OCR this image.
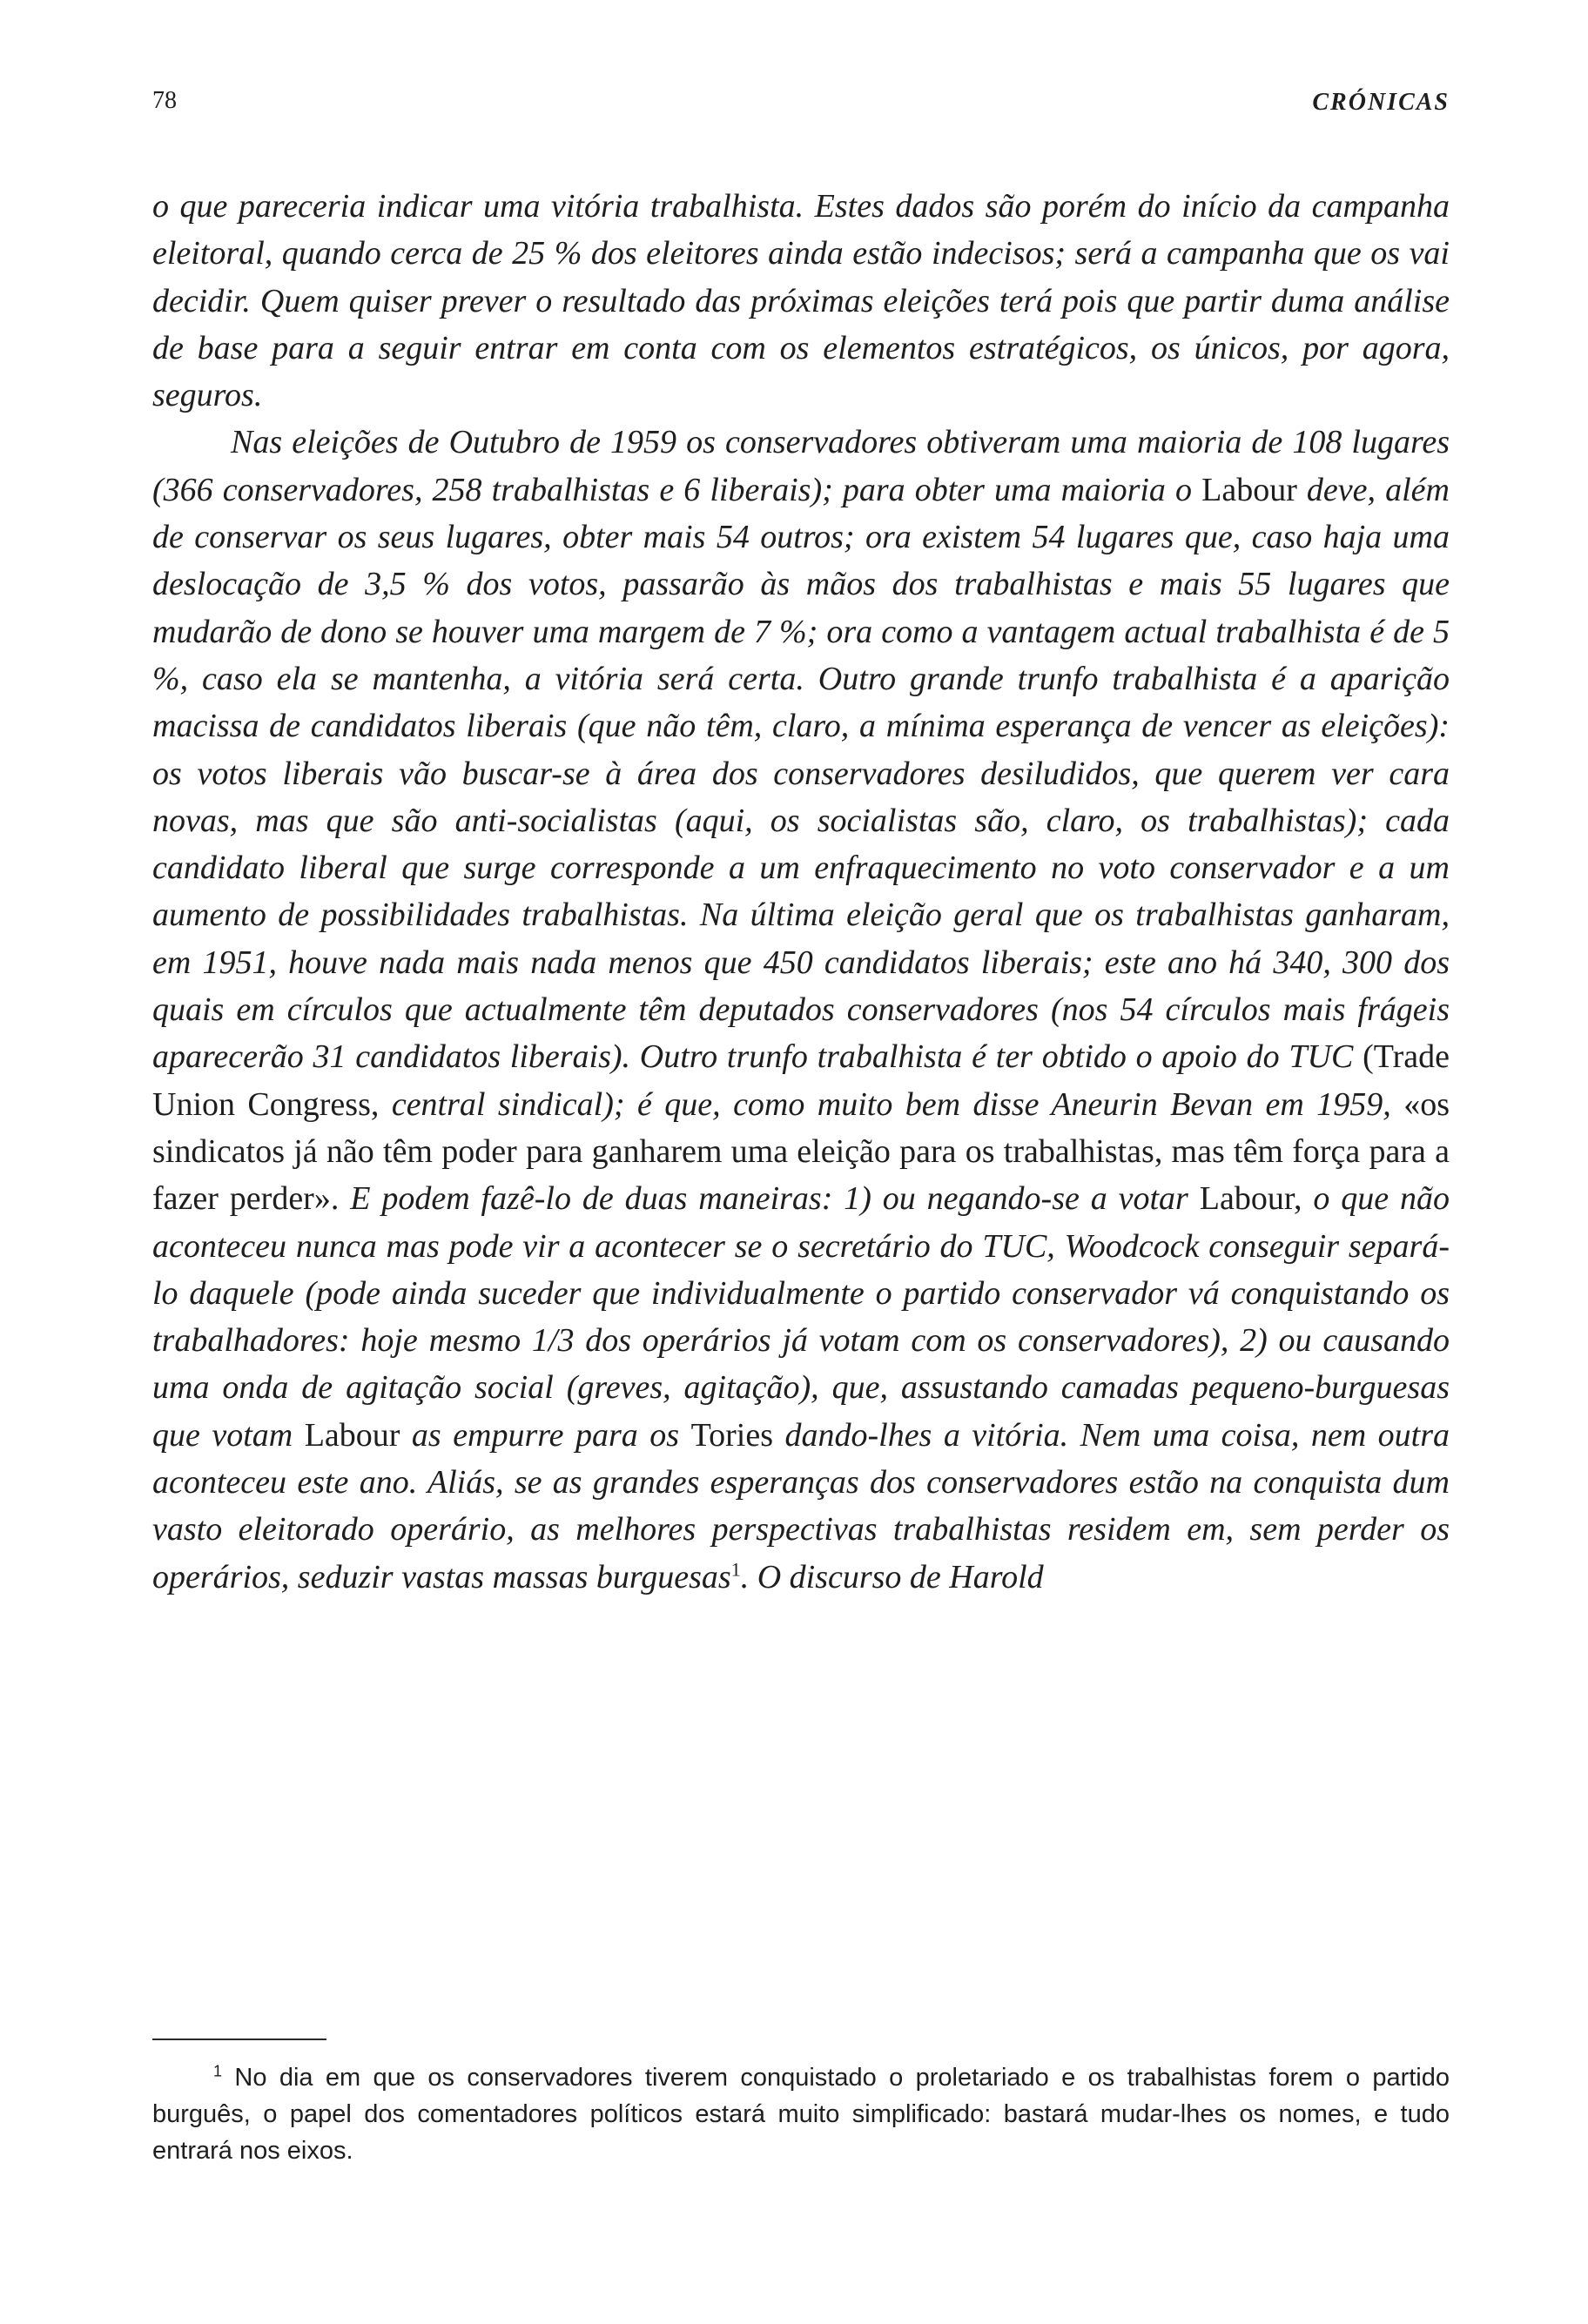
78	CRÓNICAS

o que pareceria indicar uma vitória trabalhista. Estes dados são porém do início da campanha eleitoral, quando cerca de 25 % dos eleitores ainda estão indecisos; será a campanha que os vai decidir. Quem quiser prever o resultado das próximas eleições terá pois que partir duma análise de base para a seguir entrar em conta com os elementos estratégicos, os únicos, por agora, seguros.

Nas eleições de Outubro de 1959 os conservadores obtiveram uma maioria de 108 lugares (366 conservadores, 258 trabalhistas e 6 liberais); para obter uma maioria o Labour deve, além de conservar os seus lugares, obter mais 54 outros; ora existem 54 lugares que, caso haja uma deslocação de 3,5 % dos votos, passarão às mãos dos trabalhistas e mais 55 lugares que mudarão de dono se houver uma margem de 7 %; ora como a vantagem actual trabalhista é de 5 %, caso ela se mantenha, a vitória será certa. Outro grande trunfo trabalhista é a aparição macissa de candidatos liberais (que não têm, claro, a mínima esperança de vencer as eleições): os votos liberais vão buscar-se à área dos conservadores desiludidos, que querem ver cara novas, mas que são anti-socialistas (aqui, os socialistas são, claro, os trabalhistas); cada candidato liberal que surge corresponde a um enfraquecimento no voto conservador e a um aumento de possibilidades trabalhistas. Na última eleição geral que os trabalhistas ganharam, em 1951, houve nada mais nada menos que 450 candidatos liberais; este ano há 340, 300 dos quais em círculos que actualmente têm deputados conservadores (nos 54 círculos mais frágeis aparecerão 31 candidatos liberais). Outro trunfo trabalhista é ter obtido o apoio do TUC (Trade Union Congress, central sindical); é que, como muito bem disse Aneurin Bevan em 1959, «os sindicatos já não têm poder para ganharem uma eleição para os trabalhistas, mas têm força para a fazer perder». E podem fazê-lo de duas maneiras: 1) ou negando-se a votar Labour, o que não aconteceu nunca mas pode vir a acontecer se o secretário do TUC, Woodcock conseguir separá-lo daquele (pode ainda suceder que individualmente o partido conservador vá conquistando os trabalhadores: hoje mesmo 1/3 dos operários já votam com os conservadores), 2) ou causando uma onda de agitação social (greves, agitação), que, assustando camadas pequeno-burguesas que votam Labour as empurre para os Tories dando-lhes a vitória. Nem uma coisa, nem outra aconteceu este ano. Aliás, se as grandes esperanças dos conservadores estão na conquista dum vasto eleitorado operário, as melhores perspectivas trabalhistas residem em, sem perder os operários, seduzir vastas massas burguesas$^1$. O discurso de Harold

$^1$ No dia em que os conservadores tiverem conquistado o proletariado e os trabalhistas forem o partido burguês, o papel dos comentadores políticos estará muito simplificado: bastará mudar-lhes os nomes, e tudo entrará nos eixos.
